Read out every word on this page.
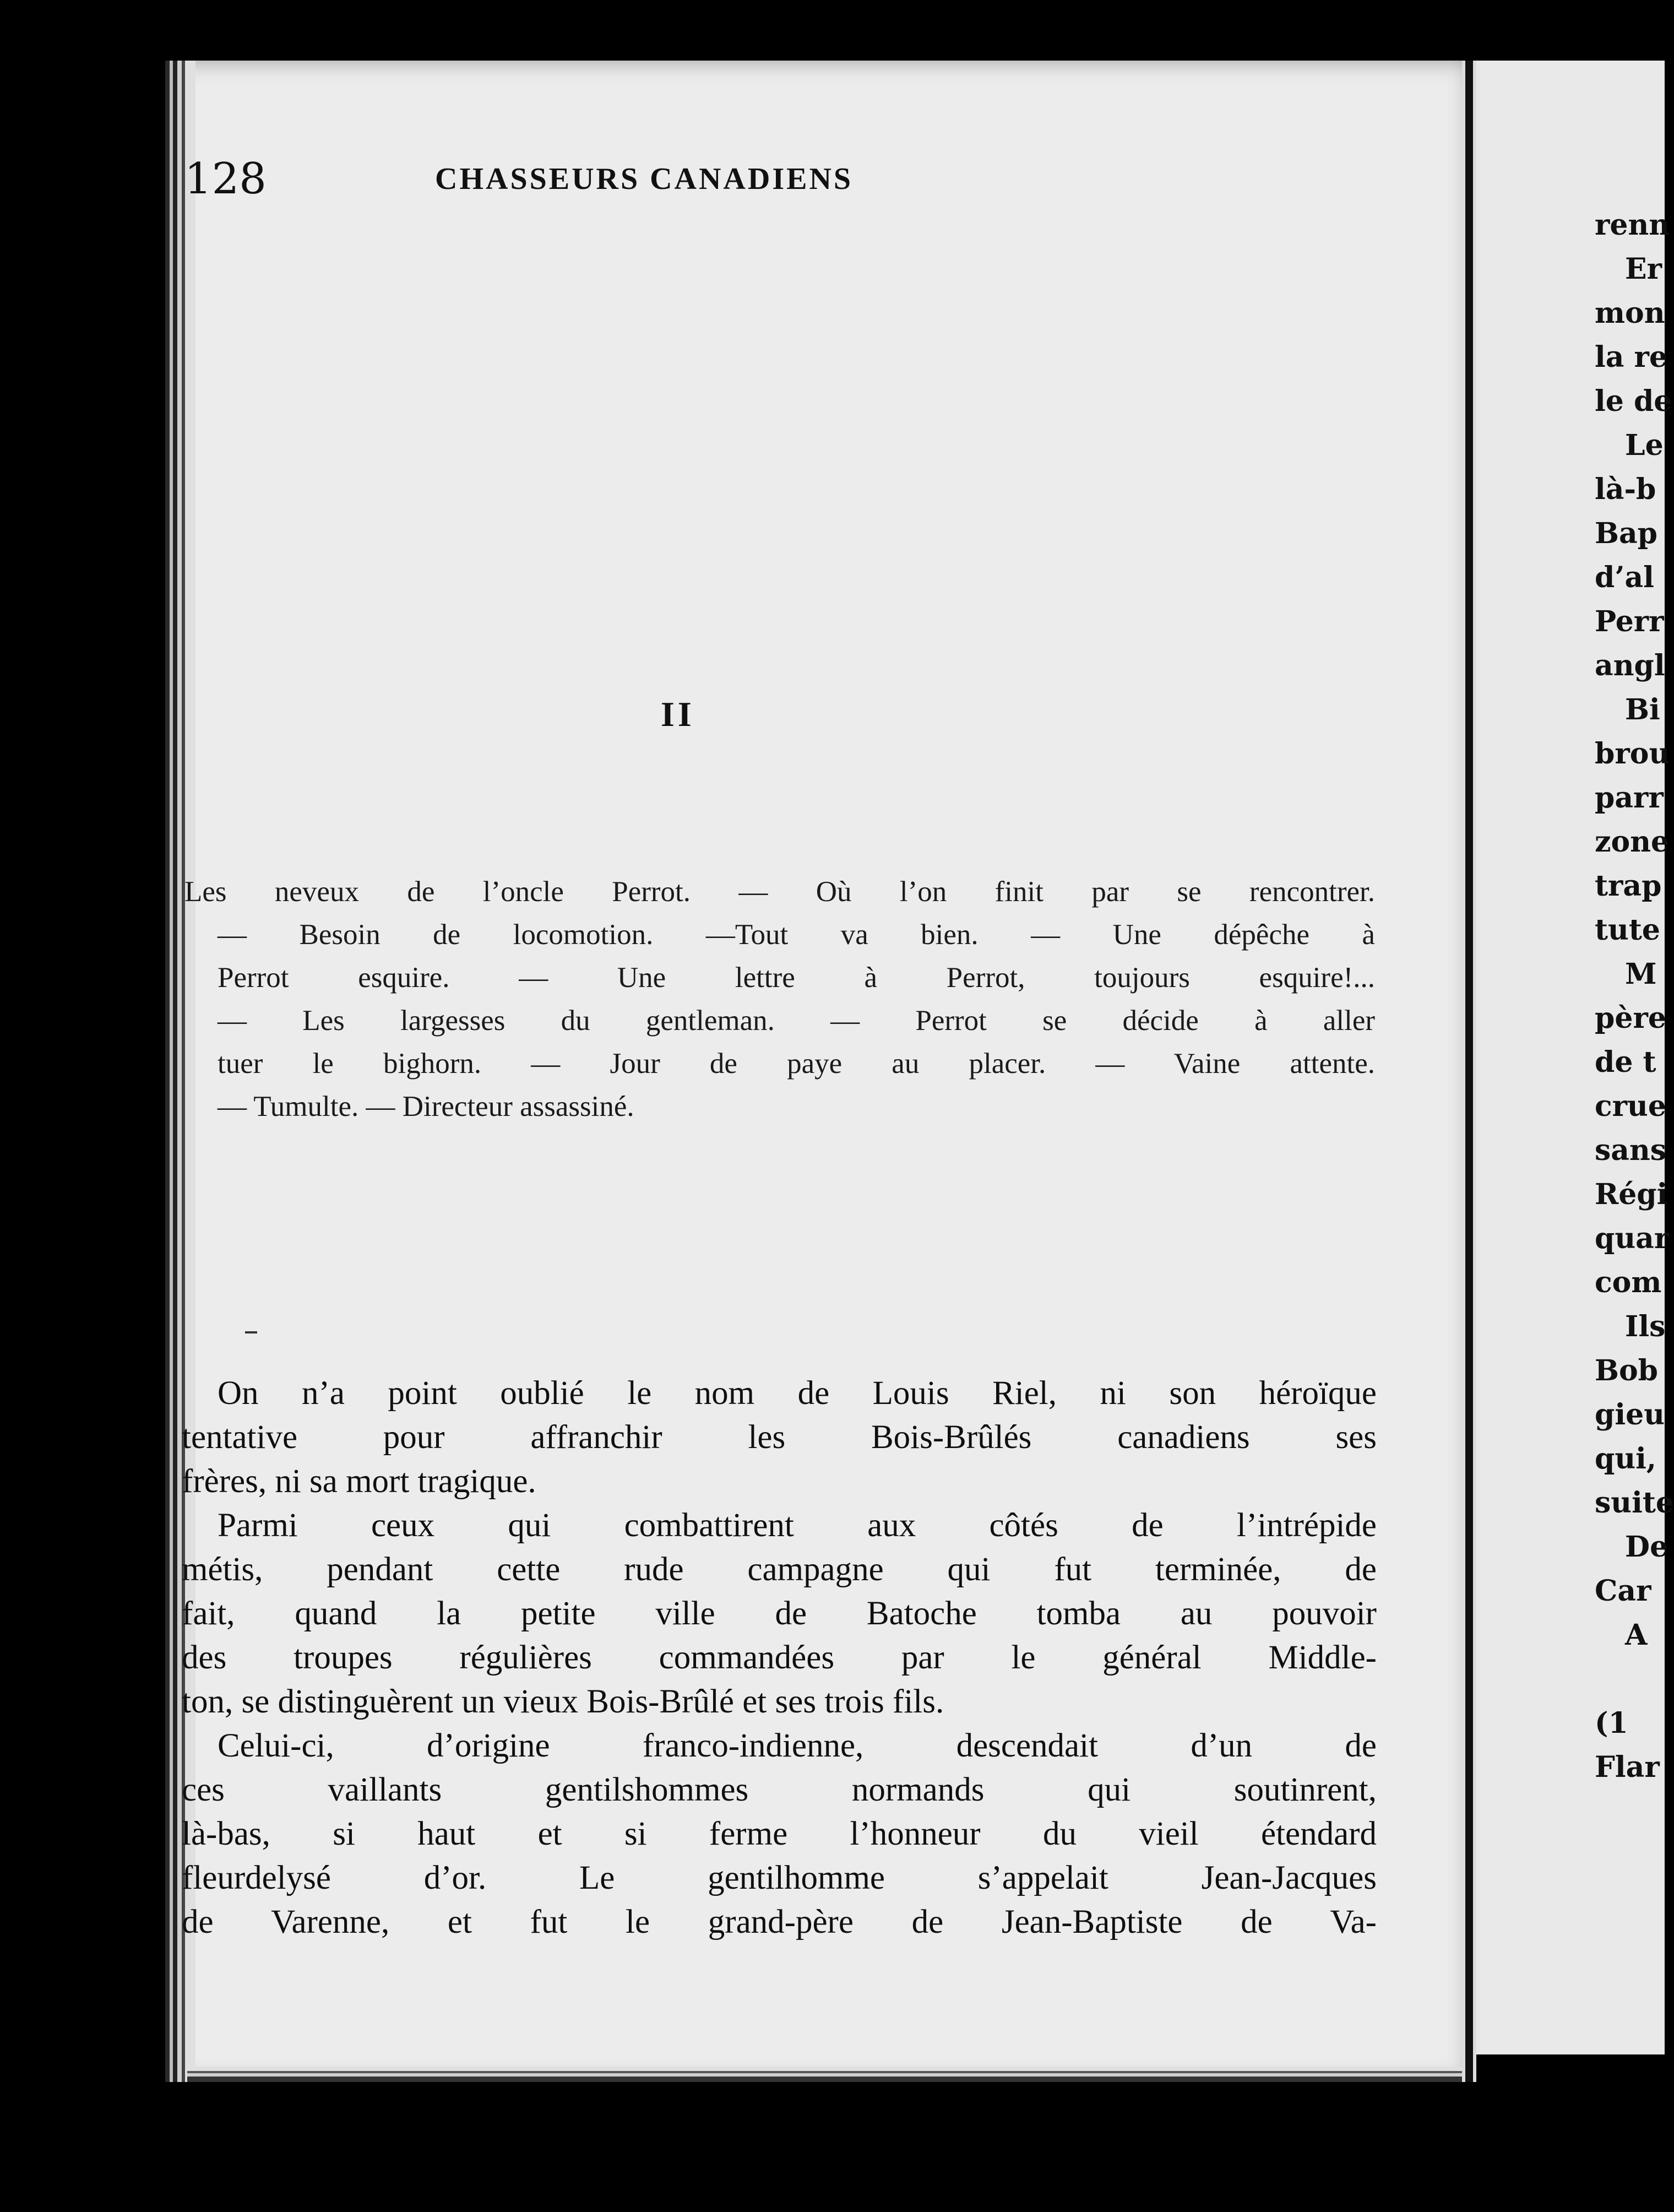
renn
Er
mon
la re
le de
Le
là-b
Bap
d’al
Perr
angl
Bi
brou
parr
zone
trap
tute
M
père
de t
crue
sans
Régi
quar
com
Ils
Bob
gieu
qui,
suite
De
Car
A
(1
Flar
128	CHASSEURS CANADIENS
II
Les neveux de l’oncle Perrot. — Où l’on finit par se rencontrer.
— Besoin de locomotion. —Tout va bien. — Une dépêche à
Perrot esquire. — Une lettre à Perrot, toujours esquire!...
— Les largesses du gentleman. — Perrot se décide à aller
tuer le bighorn. — Jour de paye au placer. — Vaine attente.
— Tumulte. — Directeur assassiné.
On n’a point oublié le nom de Louis Riel, ni son héroïque
tentative pour affranchir les Bois-Brûlés canadiens ses
frères, ni sa mort tragique.
Parmi ceux qui combattirent aux côtés de l’intrépide
métis, pendant cette rude campagne qui fut terminée, de
fait, quand la petite ville de Batoche tomba au pouvoir
des troupes régulières commandées par le général Middle-
ton, se distinguèrent un vieux Bois-Brûlé et ses trois fils.
Celui-ci, d’origine franco-indienne, descendait d’un de
ces vaillants gentilshommes normands qui soutinrent,
là-bas, si haut et si ferme l’honneur du vieil étendard
fleurdelysé d’or. Le gentilhomme s’appelait Jean-Jacques
de Varenne, et fut le grand-père de Jean-Baptiste de Va-
